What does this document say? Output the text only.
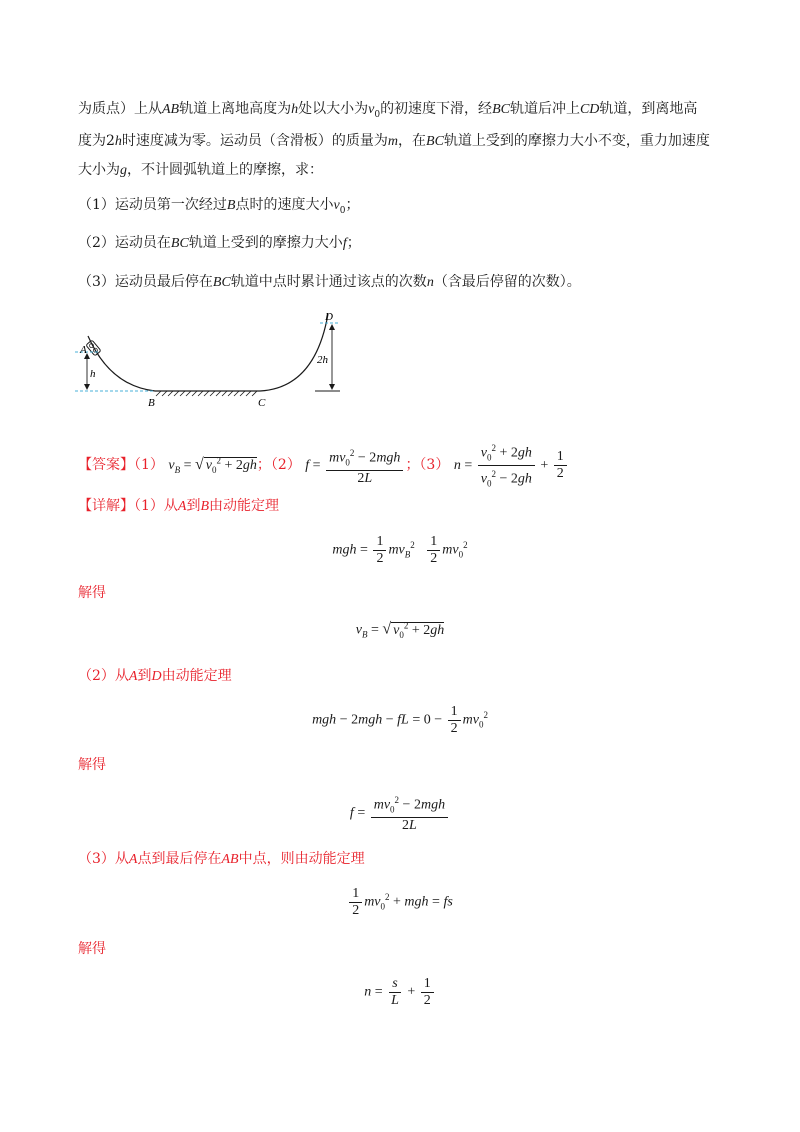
为质点）上从AB轨道上离地高度为h处以大小为$v_0$的初速度下滑，经BC轨道后冲上CD轨道，到离地高
度为2h时速度减为零。运动员（含滑板）的质量为m，在BC轨道上受到的摩擦力大小不变，重力加速度
大小为g，不计圆弧轨道上的摩擦，求：
（1）运动员第一次经过B点时的速度大小$v_0$；
（2）运动员在BC轨道上受到的摩擦力大小f；
（3）运动员最后停在BC轨道中点时累计通过该点的次数n（含最后停留的次数）。
A
h
B	C
D
2h
【答案】（1） $v_B$ = √ $v_0^2 + 2gh$；（2） $f = \frac{mv_0^2 - 2mgh}{2L}$ ；（3） $n = \frac{v_0^2 + 2gh}{v_0^2 - 2gh} + \frac{1}{2}$
【详解】（1）从A到B由动能定理
mgh = $\frac{1}{2} mv_B^2 \frac{1}{2} mv_0^2$
解得
$v_B$ = √ $v_0^2 + 2gh$
（2）从A到D由动能定理
mgh − 2mgh − fL = $0 - \frac{1}{2} mv_0^2$
解得
$f = \frac{mv_0^2 - 2mgh}{2L}$
（3）从A点到最后停在AB中点，则由动能定理
$\frac{1}{2} mv_0^2$ + mgh = fs
解得
$n = \frac{s}{L} + \frac{1}{2}$
